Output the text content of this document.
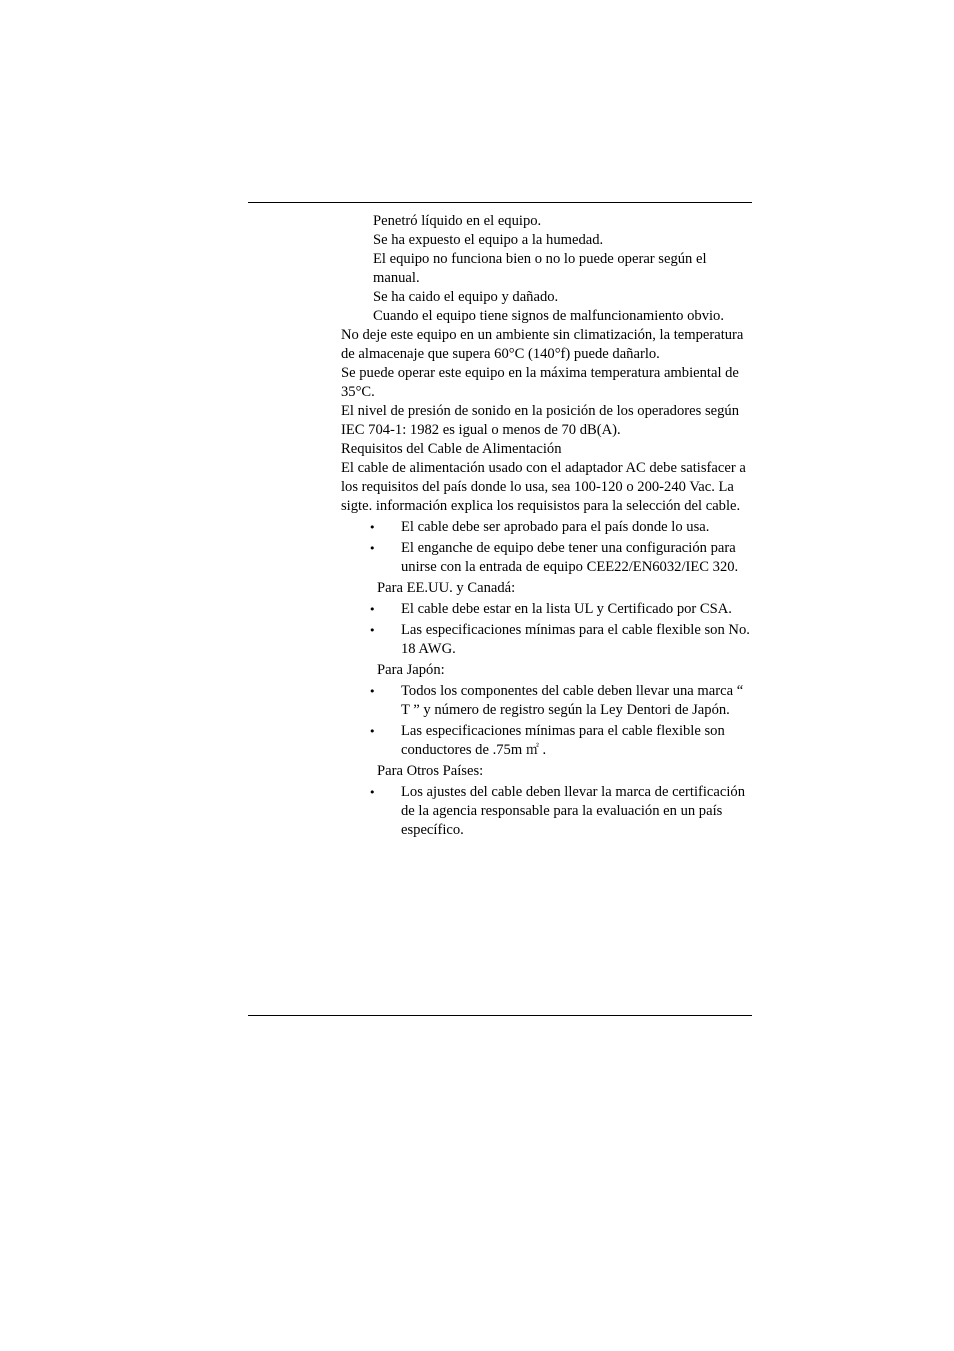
Penetró líquido en el equipo.
Se ha expuesto el equipo a la humedad.
El equipo no funciona bien o no lo puede operar según el manual.
Se ha caido el equipo y dañado.
Cuando el equipo tiene signos de malfuncionamiento obvio.

No deje este equipo en un ambiente sin climatización, la temperatura de almacenaje que supera 60°C (140°f) puede dañarlo.

Se puede operar este equipo en la máxima temperatura ambiental de 35°C.

El nivel de presión de sonido en la posición de los operadores según IEC 704-1: 1982 es igual o menos de 70 dB(A).

Requisitos del Cable de Alimentación

El cable de alimentación usado con el adaptador AC debe satisfacer a los requisitos del país donde lo usa, sea 100-120 o 200-240 Vac. La sigte. información explica los requisistos para la selección del cable.

• El cable debe ser aprobado para el país donde lo usa.
• El enganche de equipo debe tener una configuración para unirse con la entrada de equipo CEE22/EN6032/IEC 320.

Para EE.UU. y Canadá:

• El cable debe estar en la lista UL y Certificado por CSA.
• Las especificaciones mínimas para el cable flexible son No. 18 AWG.

Para Japón:

• Todos los componentes del cable deben llevar una marca “ T ” y número de registro según la Ley Dentori de Japón.
• Las especificaciones mínimas para el cable flexible son conductores de .75m ㎡ .

Para Otros Países:

• Los ajustes del cable deben llevar la marca de certificación de la agencia responsable para la evaluación en un país específico.
